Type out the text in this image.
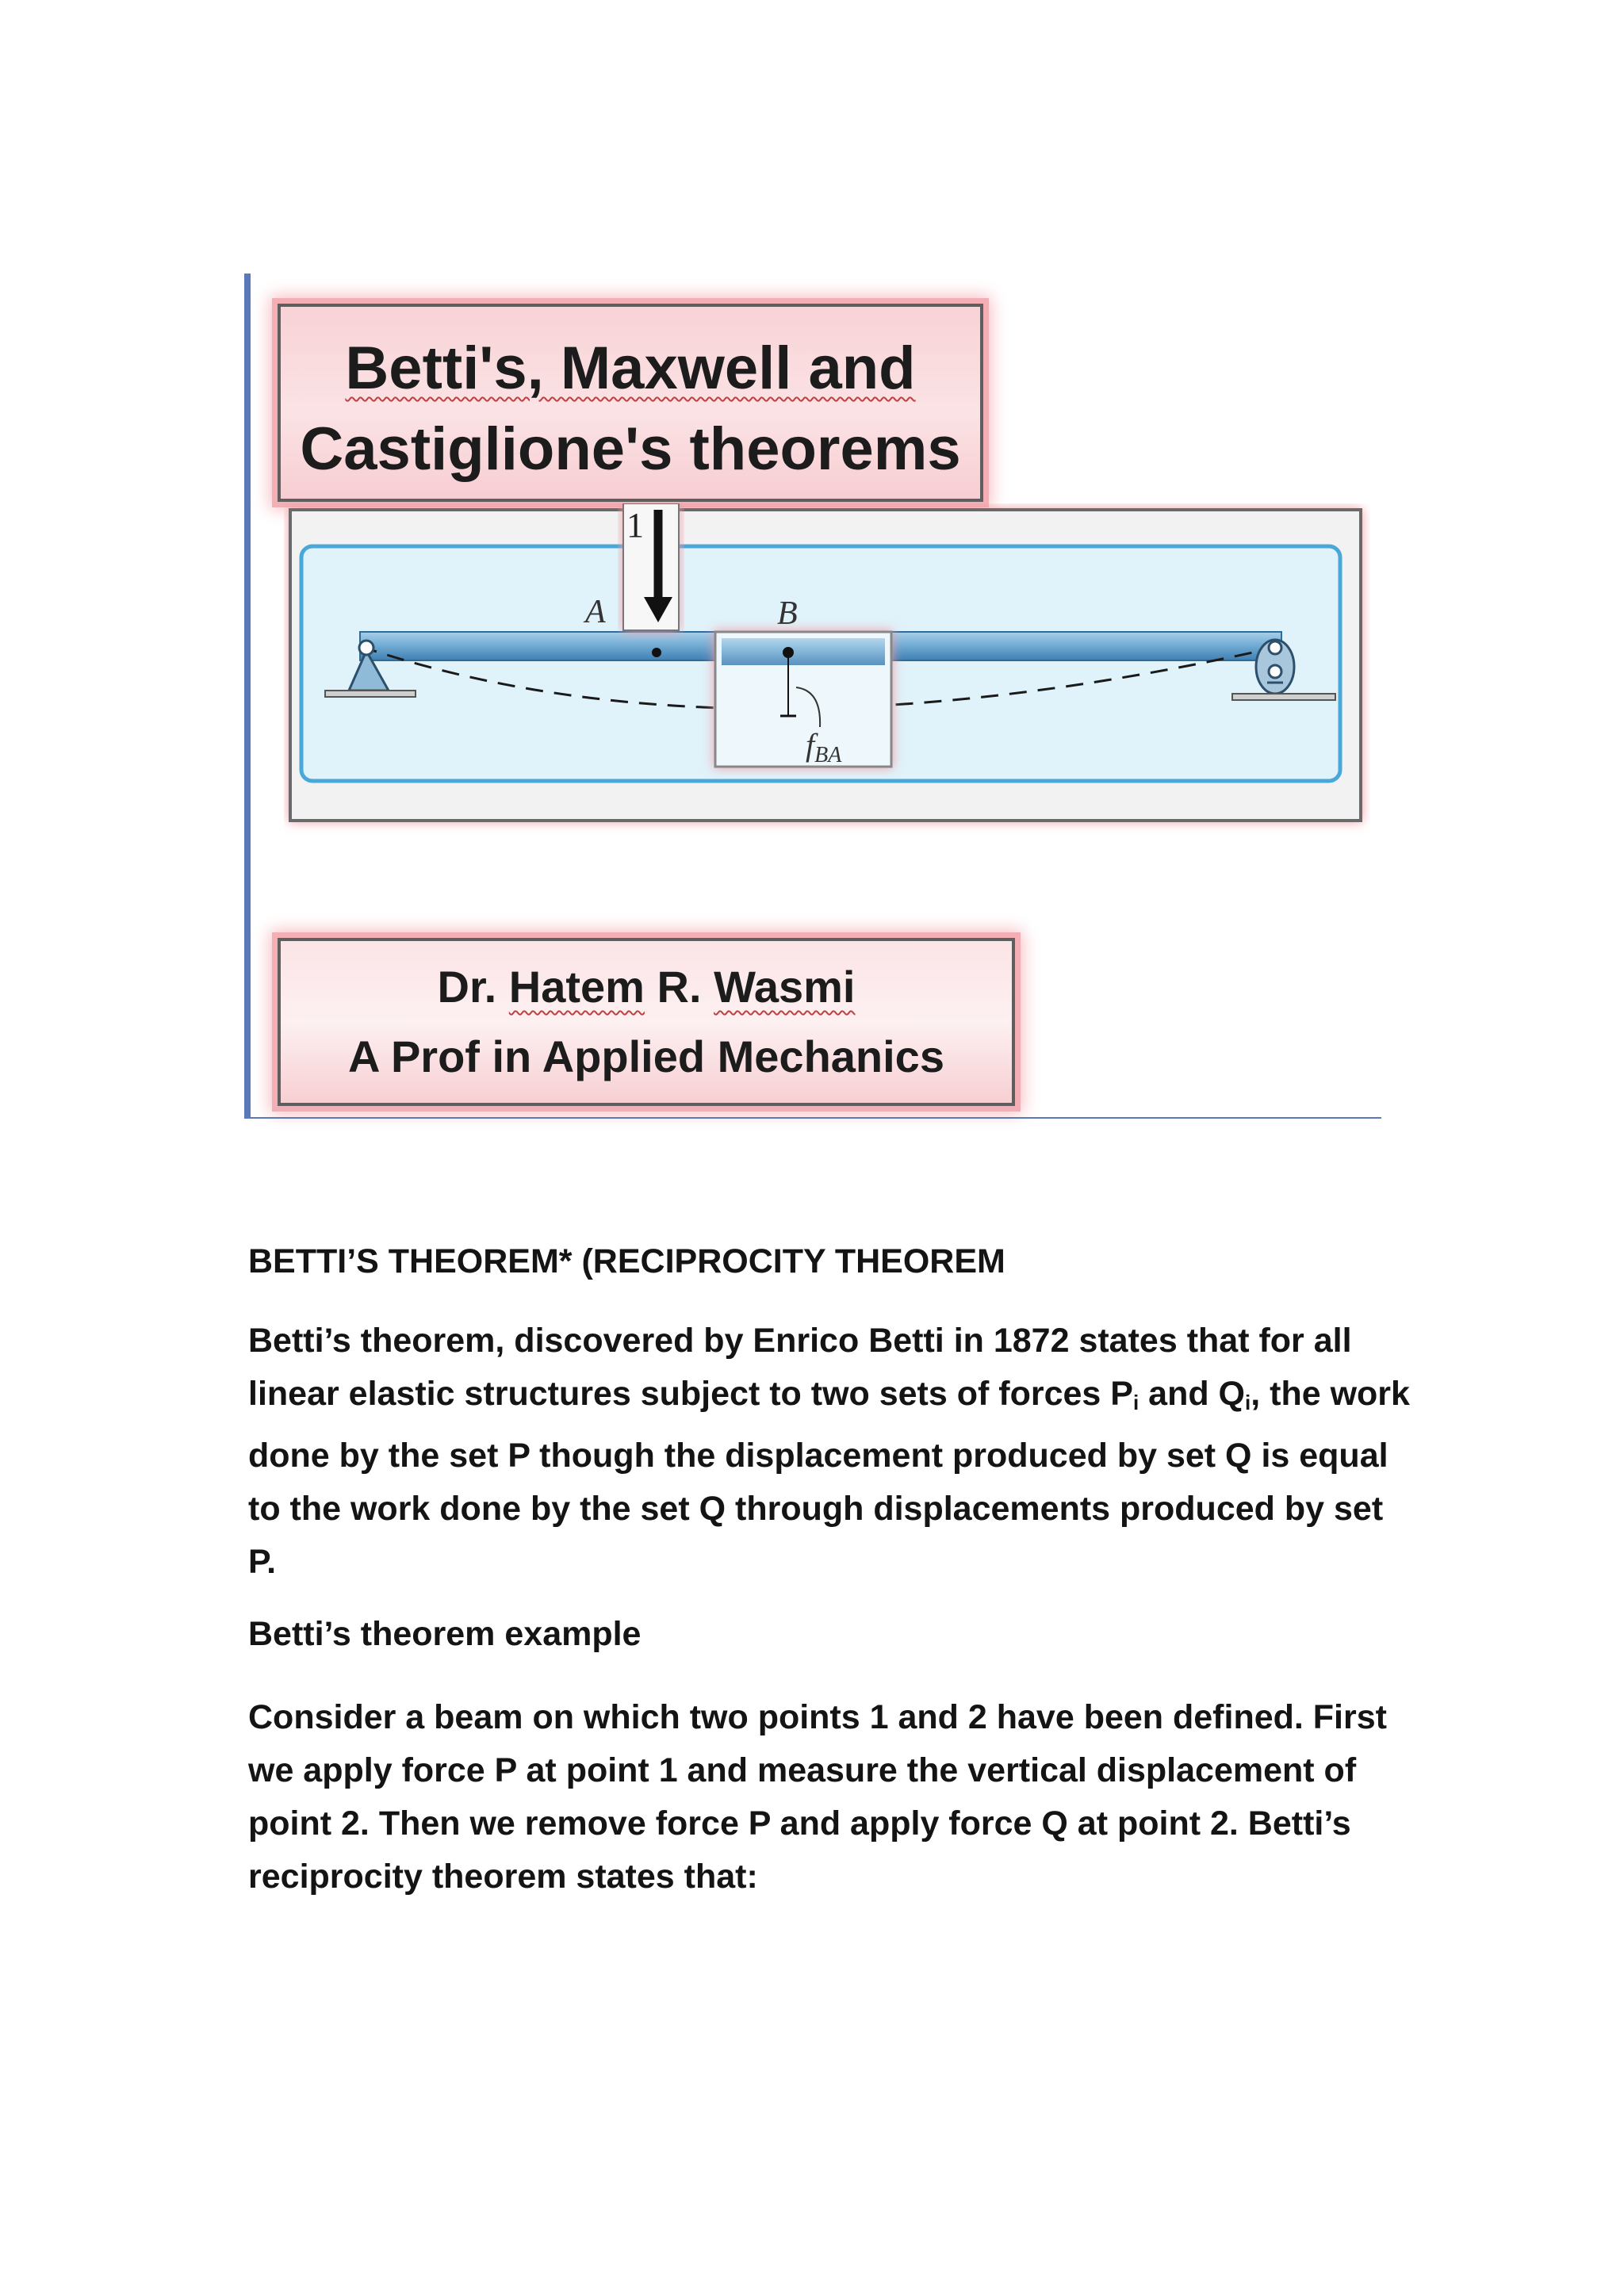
Betti's, Maxwell and
Castiglione's theorems
1
A	B
$f_{BA}$
Dr. Hatem R. Wasmi
A Prof in Applied Mechanics
BETTI’S THEOREM* (RECIPROCITY THEOREM
Betti’s theorem, discovered by Enrico Betti in 1872 states that for all
linear elastic structures subject to two sets of forces $P_i$ and $Q_i$, the work
done by the set P though the displacement produced by set Q is equal
to the work done by the set Q through displacements produced by set
P.
Betti’s theorem example
Consider a beam on which two points 1 and 2 have been defined. First
we apply force P at point 1 and measure the vertical displacement of
point 2. Then we remove force P and apply force Q at point 2. Betti’s
reciprocity theorem states that:
